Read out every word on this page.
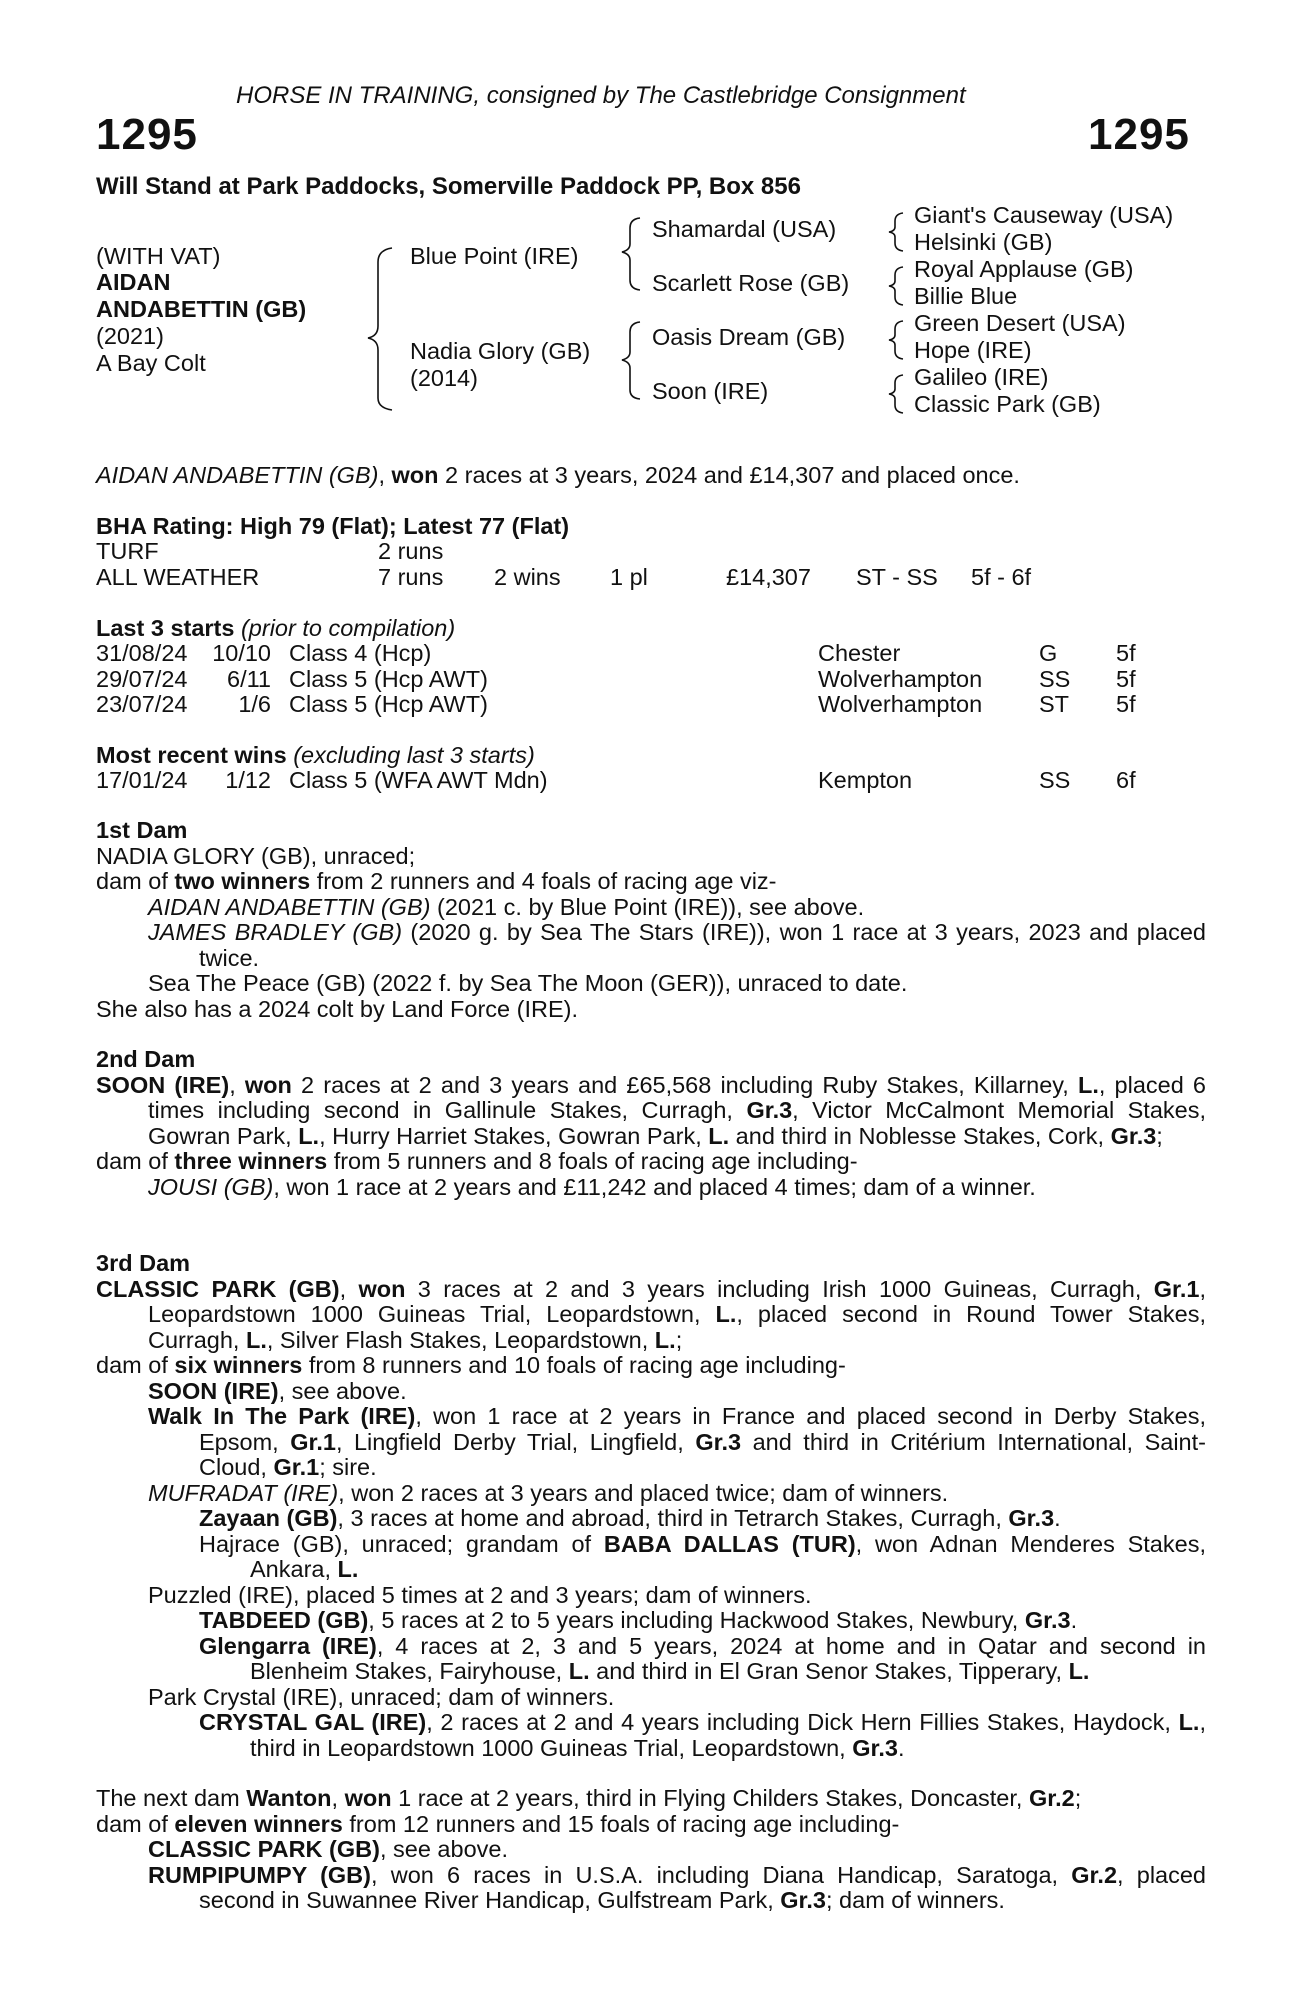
HORSE IN TRAINING, consigned by The Castlebridge Consignment
1295	1295
Will Stand at Park Paddocks, Somerville Paddock PP, Box 856
(WITH VAT)
AIDAN
ANDABETTIN (GB)
(2021)
A Bay Colt
Blue Point (IRE)
Nadia Glory (GB)
(2014)
Shamardal (USA)
Scarlett Rose (GB)
Oasis Dream (GB)
Soon (IRE)
Giant's Causeway (USA)
Helsinki (GB)
Royal Applause (GB)
Billie Blue
Green Desert (USA)
Hope (IRE)
Galileo (IRE)
Classic Park (GB)
AIDAN ANDABETTIN (GB), won 2 races at 3 years, 2024 and £14,307 and placed once.
BHA Rating: High 79 (Flat); Latest 77 (Flat)
TURF	2 runs
ALL WEATHER	7 runs 2 wins 1 pl	£14,307 ST - SS 5f - 6f
Last 3 starts (prior to compilation)
31/08/24 10/10 Class 4 (Hcp)	Chester	G 5f
29/07/24	6/11 Class 5 (Hcp AWT)	Wolverhampton SS 5f
23/07/24	1/6 Class 5 (Hcp AWT)	Wolverhampton ST 5f
Most recent wins (excluding last 3 starts)
17/01/24	1/12 Class 5 (WFA AWT Mdn)	Kempton	SS 6f

1st Dam

NADIA GLORY (GB), unraced;

dam of two winners from 2 runners and 4 foals of racing age viz-

AIDAN ANDABETTIN (GB) (2021 c. by Blue Point (IRE)), see above.

JAMES BRADLEY (GB) (2020 g. by Sea The Stars (IRE)), won 1 race at 3 years, 2023 and placed twice.

Sea The Peace (GB) (2022 f. by Sea The Moon (GER)), unraced to date.

She also has a 2024 colt by Land Force (IRE).

2nd Dam

SOON (IRE), won 2 races at 2 and 3 years and £65,568 including Ruby Stakes, Killarney, L., placed 6 times including second in Gallinule Stakes, Curragh, Gr.3, Victor McCalmont Memorial Stakes, Gowran Park, L., Hurry Harriet Stakes, Gowran Park, L. and third in Noblesse Stakes, Cork, Gr.3;

dam of three winners from 5 runners and 8 foals of racing age including-

JOUSI (GB), won 1 race at 2 years and £11,242 and placed 4 times; dam of a winner.

3rd Dam

CLASSIC PARK (GB), won 3 races at 2 and 3 years including Irish 1000 Guineas, Curragh, Gr.1, Leopardstown 1000 Guineas Trial, Leopardstown, L., placed second in Round Tower Stakes, Curragh, L., Silver Flash Stakes, Leopardstown, L.;

dam of six winners from 8 runners and 10 foals of racing age including-

SOON (IRE), see above.

Walk In The Park (IRE), won 1 race at 2 years in France and placed second in Derby Stakes, Epsom, Gr.1, Lingfield Derby Trial, Lingfield, Gr.3 and third in Critérium International, Saint-Cloud, Gr.1; sire.

MUFRADAT (IRE), won 2 races at 3 years and placed twice; dam of winners.

Zayaan (GB), 3 races at home and abroad, third in Tetrarch Stakes, Curragh, Gr.3.

Hajrace (GB), unraced; grandam of BABA DALLAS (TUR), won Adnan Menderes Stakes, Ankara, L.

Puzzled (IRE), placed 5 times at 2 and 3 years; dam of winners.

TABDEED (GB), 5 races at 2 to 5 years including Hackwood Stakes, Newbury, Gr.3.

Glengarra (IRE), 4 races at 2, 3 and 5 years, 2024 at home and in Qatar and second in Blenheim Stakes, Fairyhouse, L. and third in El Gran Senor Stakes, Tipperary, L.

Park Crystal (IRE), unraced; dam of winners.

CRYSTAL GAL (IRE), 2 races at 2 and 4 years including Dick Hern Fillies Stakes, Haydock, L., third in Leopardstown 1000 Guineas Trial, Leopardstown, Gr.3.

The next dam Wanton, won 1 race at 2 years, third in Flying Childers Stakes, Doncaster, Gr.2;

dam of eleven winners from 12 runners and 15 foals of racing age including-

CLASSIC PARK (GB), see above.

RUMPIPUMPY (GB), won 6 races in U.S.A. including Diana Handicap, Saratoga, Gr.2, placed second in Suwannee River Handicap, Gulfstream Park, Gr.3; dam of winners.
